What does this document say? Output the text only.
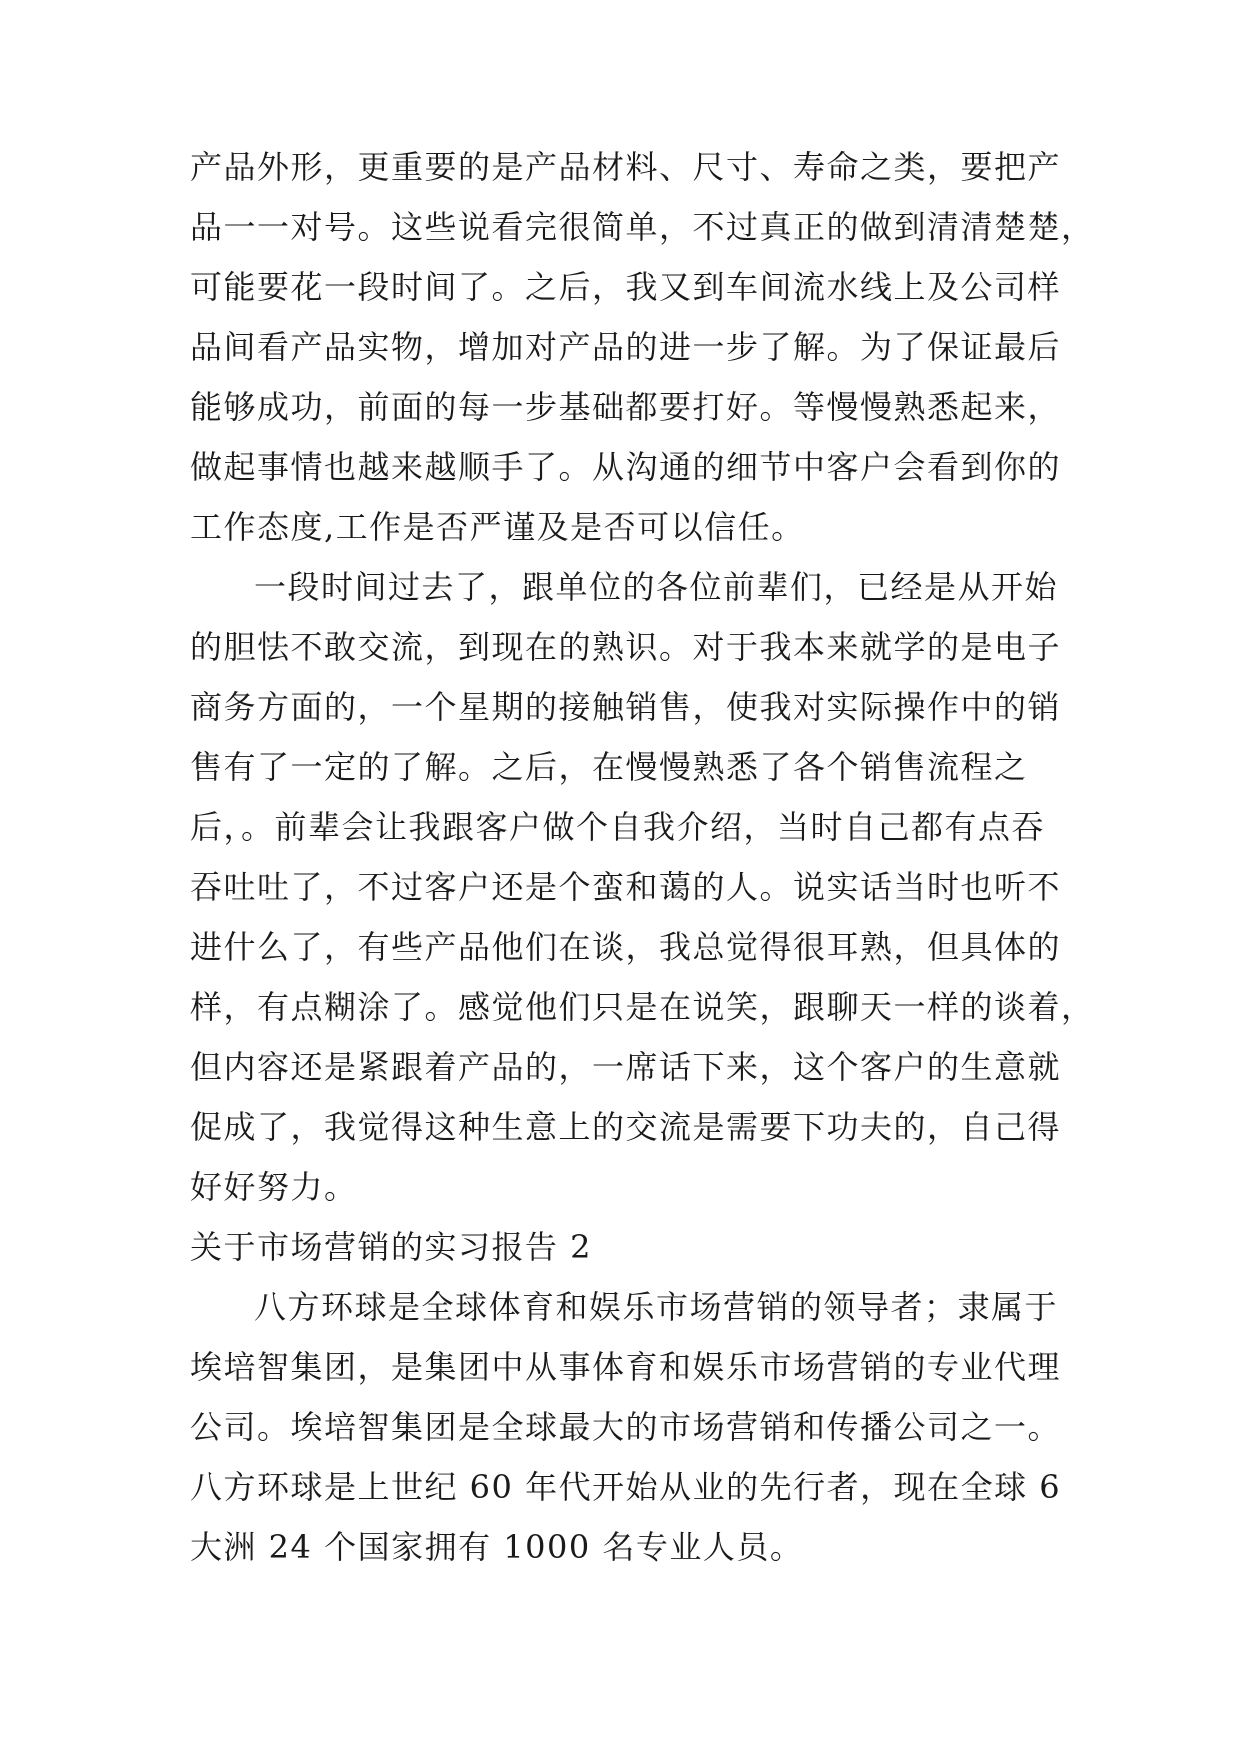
产品外形，更重要的是产品材料、尺寸、寿命之类，要把产
品一一对号。这些说看完很简单，不过真正的做到清清楚楚，
可能要花一段时间了。之后，我又到车间流水线上及公司样
品间看产品实物，增加对产品的进一步了解。为了保证最后
能够成功，前面的每一步基础都要打好。等慢慢熟悉起来，
做起事情也越来越顺手了。从沟通的细节中客户会看到你的
工作态度,工作是否严谨及是否可以信任。
一段时间过去了，跟单位的各位前辈们，已经是从开始
的胆怯不敢交流，到现在的熟识。对于我本来就学的是电子
商务方面的，一个星期的接触销售，使我对实际操作中的销
售有了一定的了解。之后，在慢慢熟悉了各个销售流程之
后，。前辈会让我跟客户做个自我介绍，当时自己都有点吞
吞吐吐了，不过客户还是个蛮和蔼的人。说实话当时也听不
进什么了，有些产品他们在谈，我总觉得很耳熟，但具体的
样，有点糊涂了。感觉他们只是在说笑，跟聊天一样的谈着，
但内容还是紧跟着产品的，一席话下来，这个客户的生意就
促成了，我觉得这种生意上的交流是需要下功夫的，自己得
好好努力。
关于市场营销的实习报告 2
八方环球是全球体育和娱乐市场营销的领导者；隶属于
埃培智集团，是集团中从事体育和娱乐市场营销的专业代理
公司。埃培智集团是全球最大的市场营销和传播公司之一。
八方环球是上世纪 60 年代开始从业的先行者，现在全球 6
大洲 24 个国家拥有 1000 名专业人员。
